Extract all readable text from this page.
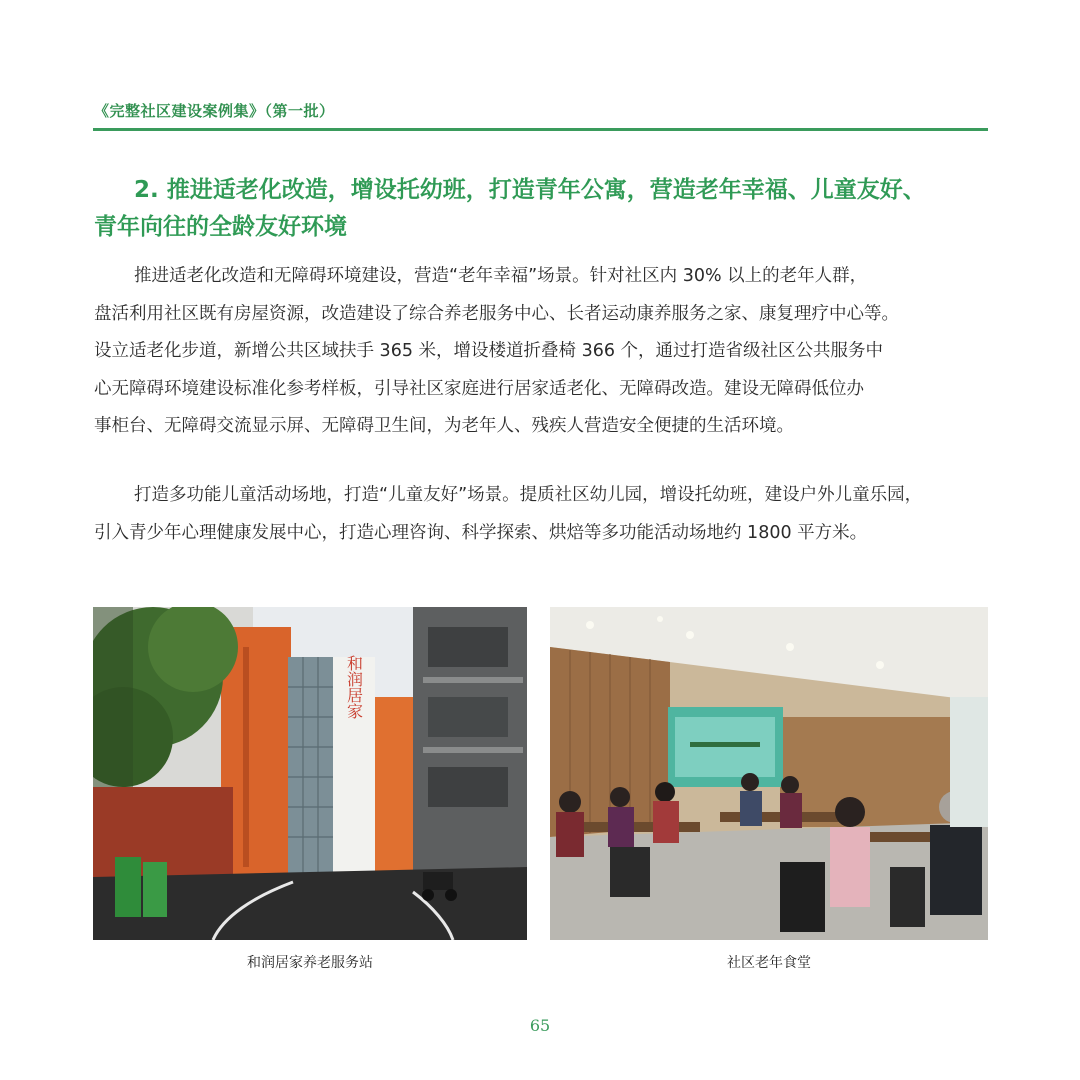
《完整社区建设案例集》（第一批）
2. 推进适老化改造，增设托幼班，打造青年公寓，营造老年幸福、儿童友好、
青年向往的全龄友好环境
推进适老化改造和无障碍环境建设，营造“老年幸福”场景。针对社区内 30% 以上的老年人群，
盘活利用社区既有房屋资源，改造建设了综合养老服务中心、长者运动康养服务之家、康复理疗中心等。
设立适老化步道，新增公共区域扶手 365 米，增设楼道折叠椅 366 个，通过打造省级社区公共服务中
心无障碍环境建设标准化参考样板，引导社区家庭进行居家适老化、无障碍改造。建设无障碍低位办
事柜台、无障碍交流显示屏、无障碍卫生间，为老年人、残疾人营造安全便捷的生活环境。
打造多功能儿童活动场地，打造“儿童友好”场景。提质社区幼儿园，增设托幼班，建设户外儿童乐园，
引入青少年心理健康发展中心，打造心理咨询、科学探索、烘焙等多功能活动场地约 1800 平方米。
和润居家
和润居家养老服务站	社区老年食堂
65
